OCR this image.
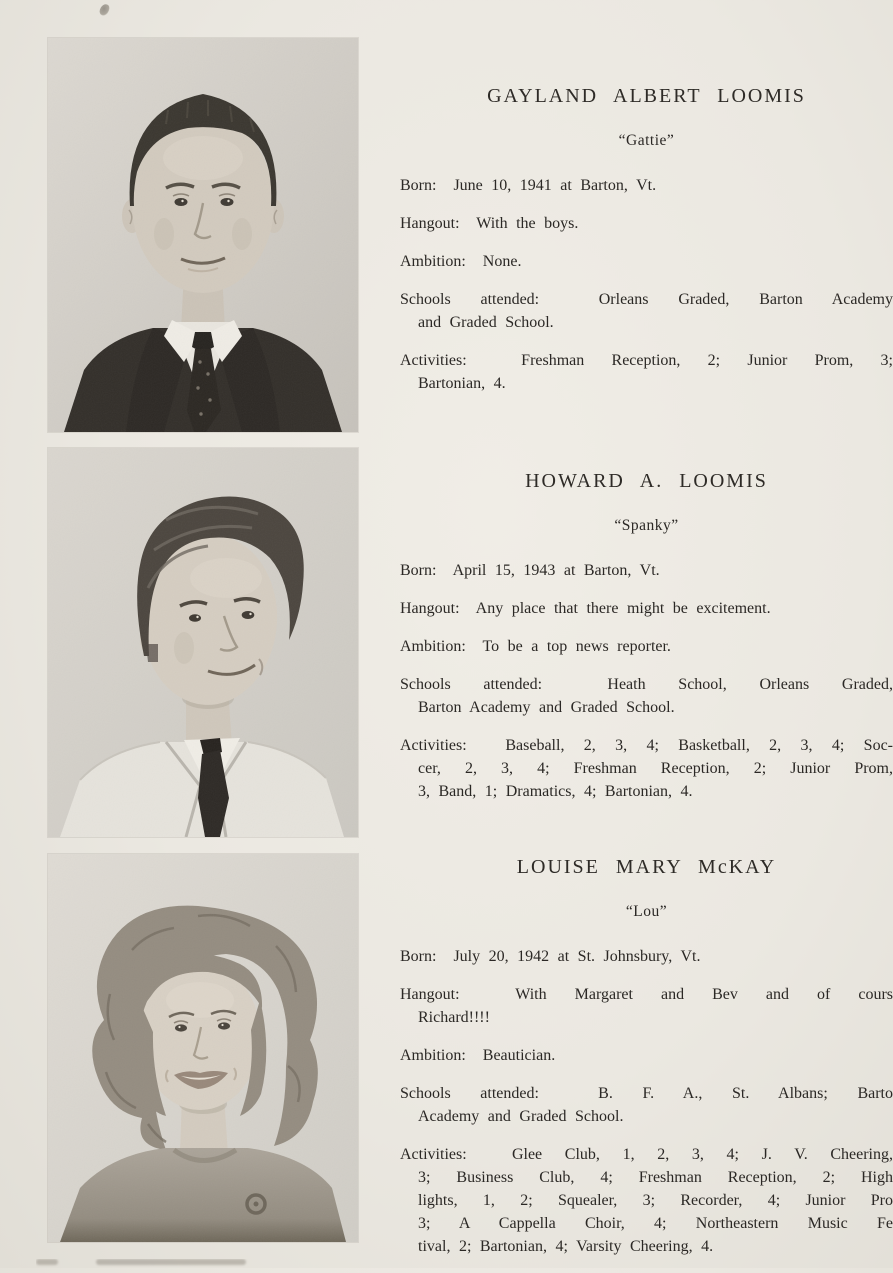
GAYLAND ALBERT LOOMIS
“Gattie”

Born:  June 10, 1941 at Barton, Vt.

Hangout:  With the boys.

Ambition:  None.

Schools attended:  Orleans Graded, Barton Academy
and Graded School.

Activities:  Freshman Reception, 2; Junior Prom, 3;
Bartonian, 4.

HOWARD A. LOOMIS
“Spanky”

Born:  April 15, 1943 at Barton, Vt.

Hangout:  Any place that there might be excitement.

Ambition:  To be a top news reporter.

Schools attended:  Heath School, Orleans Graded,
Barton Academy and Graded School.

Activities:  Baseball, 2, 3, 4; Basketball, 2, 3, 4; Soc-
cer, 2, 3, 4; Freshman Reception, 2; Junior Prom,
3, Band, 1; Dramatics, 4; Bartonian, 4.

LOUISE MARY McKAY
“Lou”

Born:  July 20, 1942 at St. Johnsbury, Vt.

Hangout:  With Margaret and Bev and of cours
Richard!!!!

Ambition:  Beautician.

Schools attended:  B. F. A., St. Albans; Barto
Academy and Graded School.

Activities:  Glee Club, 1, 2, 3, 4; J. V. Cheering,
3; Business Club, 4; Freshman Reception, 2; High
lights, 1, 2; Squealer, 3; Recorder, 4; Junior Pro
3; A Cappella Choir, 4; Northeastern Music Fe
tival, 2; Bartonian, 4; Varsity Cheering, 4.
